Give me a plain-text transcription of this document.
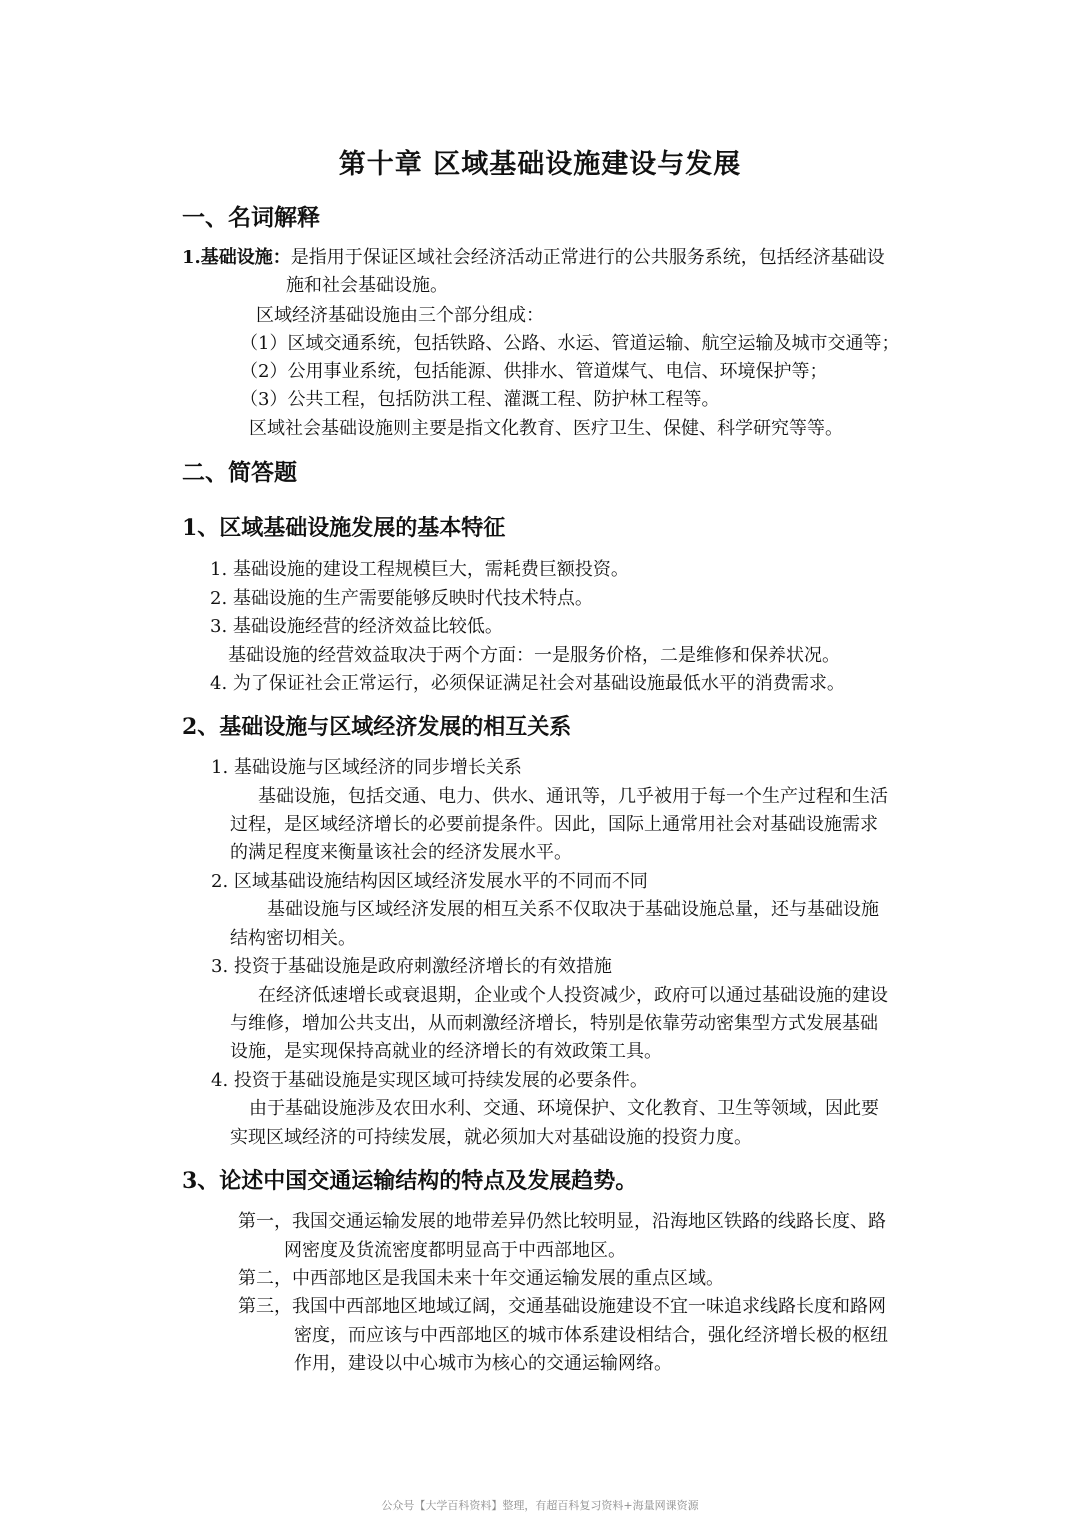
第十章 区域基础设施建设与发展
一、名词解释
1.基础设施：是指用于保证区域社会经济活动正常进行的公共服务系统，包括经济基础设
施和社会基础设施。
区域经济基础设施由三个部分组成：
（1）区域交通系统，包括铁路、公路、水运、管道运输、航空运输及城市交通等；
（2）公用事业系统，包括能源、供排水、管道煤气、电信、环境保护等；
（3）公共工程，包括防洪工程、灌溉工程、防护林工程等。
区域社会基础设施则主要是指文化教育、医疗卫生、保健、科学研究等等。
二、简答题
1、区域基础设施发展的基本特征
1. 基础设施的建设工程规模巨大，需耗费巨额投资。
2. 基础设施的生产需要能够反映时代技术特点。
3. 基础设施经营的经济效益比较低。
基础设施的经营效益取决于两个方面：一是服务价格，二是维修和保养状况。
4. 为了保证社会正常运行，必须保证满足社会对基础设施最低水平的消费需求。
2、基础设施与区域经济发展的相互关系
1. 基础设施与区域经济的同步增长关系
基础设施，包括交通、电力、供水、通讯等，几乎被用于每一个生产过程和生活
过程，是区域经济增长的必要前提条件。因此，国际上通常用社会对基础设施需求
的满足程度来衡量该社会的经济发展水平。
2. 区域基础设施结构因区域经济发展水平的不同而不同
基础设施与区域经济发展的相互关系不仅取决于基础设施总量，还与基础设施
结构密切相关。
3. 投资于基础设施是政府刺激经济增长的有效措施
在经济低速增长或衰退期，企业或个人投资减少，政府可以通过基础设施的建设
与维修，增加公共支出，从而刺激经济增长，特别是依靠劳动密集型方式发展基础
设施，是实现保持高就业的经济增长的有效政策工具。
4. 投资于基础设施是实现区域可持续发展的必要条件。
由于基础设施涉及农田水利、交通、环境保护、文化教育、卫生等领域，因此要
实现区域经济的可持续发展，就必须加大对基础设施的投资力度。
3、论述中国交通运输结构的特点及发展趋势。
第一，我国交通运输发展的地带差异仍然比较明显，沿海地区铁路的线路长度、路
网密度及货流密度都明显高于中西部地区。
第二，中西部地区是我国未来十年交通运输发展的重点区域。
第三，我国中西部地区地域辽阔，交通基础设施建设不宜一味追求线路长度和路网
密度，而应该与中西部地区的城市体系建设相结合，强化经济增长极的枢纽
作用，建设以中心城市为核心的交通运输网络。
公众号【大学百科资料】整理，有超百科复习资料+海量网课资源
